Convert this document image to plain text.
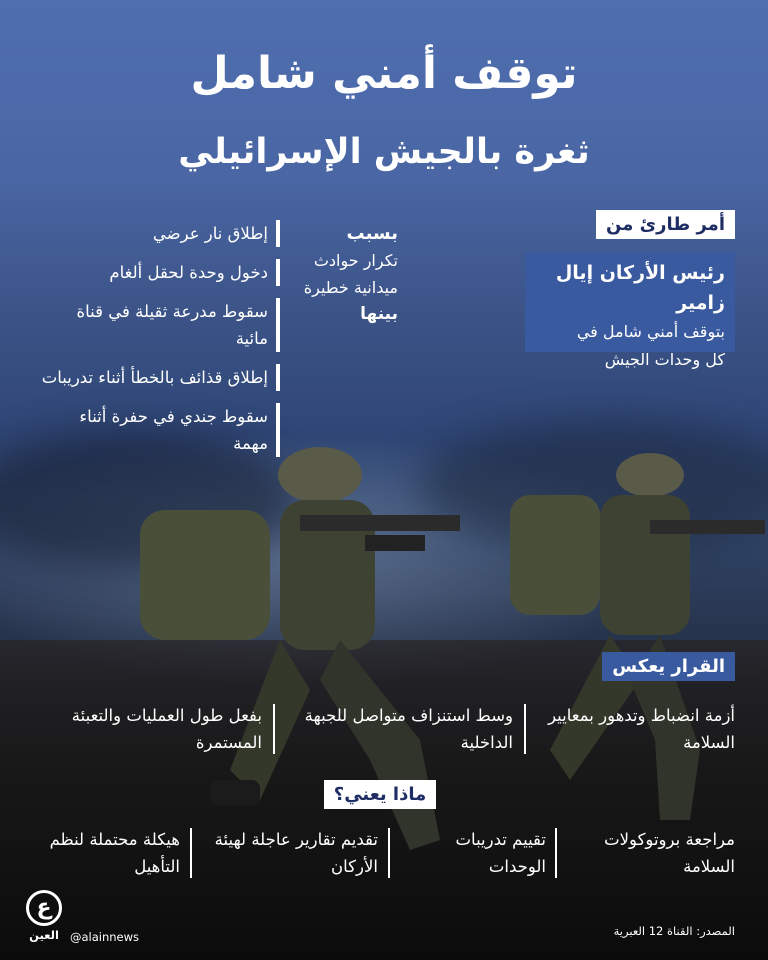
توقف أمني شامل
ثغرة بالجيش الإسرائيلي
أمر طارئ من
رئيس الأركان إيال زامير
بتوقف أمني شامل في
كل وحدات الجيش
بسبب
تكرار حوادث
ميدانية خطيرة
بينها
إطلاق نار عرضي
دخول وحدة لحقل ألغام
سقوط مدرعة ثقيلة في قناة مائية
إطلاق قذائف بالخطأ أثناء تدريبات
سقوط جندي في حفرة أثناء مهمة
القرار يعكس
أزمة انضباط وتدهور بمعايير السلامة
وسط استنزاف متواصل للجبهة الداخلية
بفعل طول العمليات والتعبئة المستمرة
ماذا يعني؟
مراجعة بروتوكولات السلامة
تقييم تدريبات الوحدات
تقديم تقارير عاجلة لهيئة الأركان
هيكلة محتملة لنظم التأهيل
ع
العين @alainnews	المصدر: القناة 12 العبرية
